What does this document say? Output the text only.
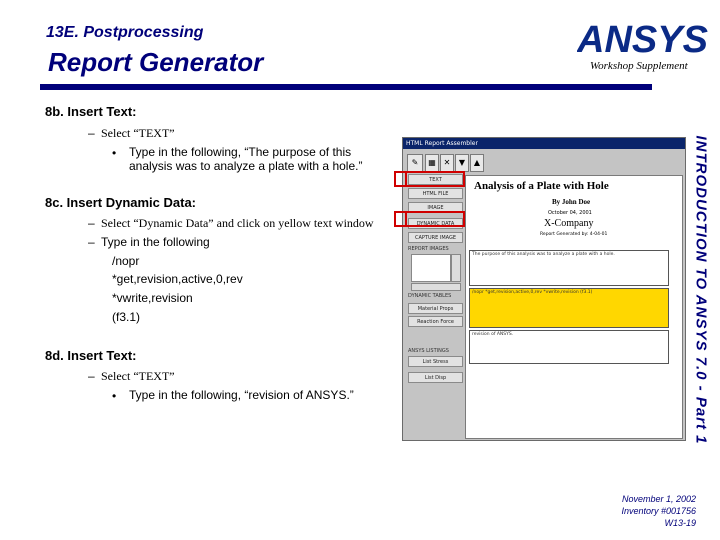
13E. Postprocessing
Report Generator
ANSYS
Workshop Supplement
INTRODUCTION TO ANSYS 7.0 - Part 1
8b. Insert Text:
– Select “TEXT”
• Type in the following, “The purpose of this analysis was to analyze a plate with a hole.”
8c. Insert Dynamic Data:
– Select “Dynamic Data” and click on yellow text window
– Type in the following
/nopr
*get,revision,active,0,rev
*vwrite,revision
(f3.1)
8d. Insert Text:
– Select “TEXT”
• Type in the following, “revision of ANSYS.”
HTML Report Assembler
✎	▦ ✕	▼	▲
TEXT
HTML FILE
IMAGE
DYNAMIC DATA
CAPTURE IMAGE
REPORT IMAGES
DYNAMIC TABLES
Material Props
Reaction Force
ANSYS LISTINGS
List Stress
List Disp
Analysis of a Plate with Hole
By John Doe
October 04, 2001
X-Company
Report Generated by: 4-04-01
The purpose of this analysis was to analyze a plate with a hole.
/nopr *get,revision,active,0,rev *vwrite,revision (f3.1)
revision of ANSYS.
November 1, 2002
Inventory #001756
W13-19
